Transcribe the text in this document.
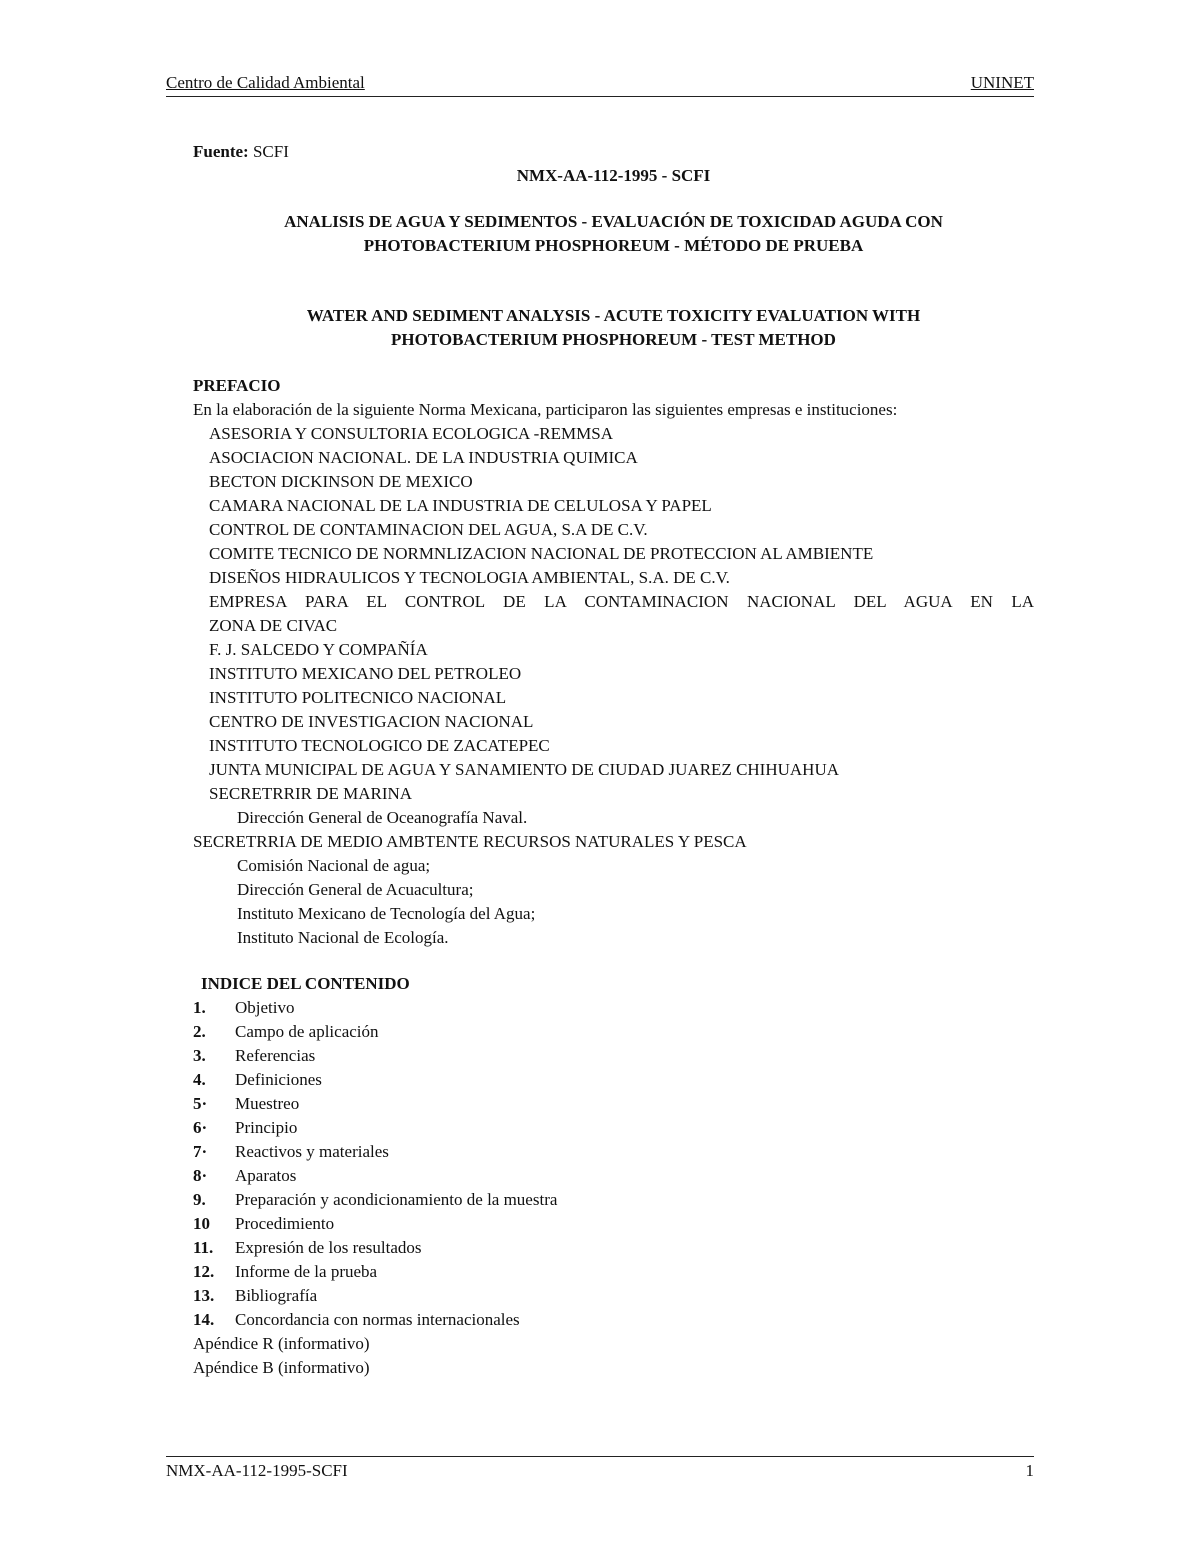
Centro de Calidad Ambiental	UNINET
Fuente: SCFI
NMX-AA-112-1995 - SCFI
ANALISIS DE AGUA Y SEDIMENTOS - EVALUACIÓN DE TOXICIDAD AGUDA CON
PHOTOBACTERIUM PHOSPHOREUM - MÉTODO DE PRUEBA
WATER AND SEDIMENT ANALYSIS - ACUTE TOXICITY EVALUATION WITH
PHOTOBACTERIUM PHOSPHOREUM - TEST METHOD
PREFACIO
En la elaboración de la siguiente Norma Mexicana, participaron las siguientes empresas e instituciones:
ASESORIA Y CONSULTORIA ECOLOGICA -REMMSA
ASOCIACION NACIONAL. DE LA INDUSTRIA QUIMICA
BECTON DICKINSON DE MEXICO
CAMARA NACIONAL DE LA INDUSTRIA DE CELULOSA Y PAPEL
CONTROL DE CONTAMINACION DEL AGUA, S.A DE C.V.
COMITE TECNICO DE NORMNLIZACION NACIONAL DE PROTECCION AL AMBIENTE
DISEÑOS HIDRAULICOS Y TECNOLOGIA AMBIENTAL, S.A. DE C.V.
EMPRESA PARA EL CONTROL DE LA CONTAMINACION NACIONAL DEL AGUA EN LA
ZONA DE CIVAC
F. J. SALCEDO Y COMPAÑÍA
INSTITUTO MEXICANO DEL PETROLEO
INSTITUTO POLITECNICO NACIONAL
CENTRO DE INVESTIGACION NACIONAL
INSTITUTO TECNOLOGICO DE ZACATEPEC
JUNTA MUNICIPAL DE AGUA Y SANAMIENTO DE CIUDAD JUAREZ CHIHUAHUA
SECRETRRIR DE MARINA
Dirección General de Oceanografía Naval.
SECRETRRIA DE MEDIO AMBTENTE RECURSOS NATURALES Y PESCA
Comisión Nacional de agua;
Dirección General de Acuacultura;
Instituto Mexicano de Tecnología del Agua;
Instituto Nacional de Ecología.
INDICE DEL CONTENIDO
1.	Objetivo
2.	Campo de aplicación
3.	Referencias
4.	Definiciones
5·	Muestreo
6·	Principio
7·	Reactivos y materiales
8·	Aparatos
9.	Preparación y acondicionamiento de la muestra
10	Procedimiento
11.	Expresión de los resultados
12.	Informe de la prueba
13.	Bibliografía
14.	Concordancia con normas internacionales
Apéndice R (informativo)
Apéndice B (informativo)
NMX-AA-112-1995-SCFI	1
